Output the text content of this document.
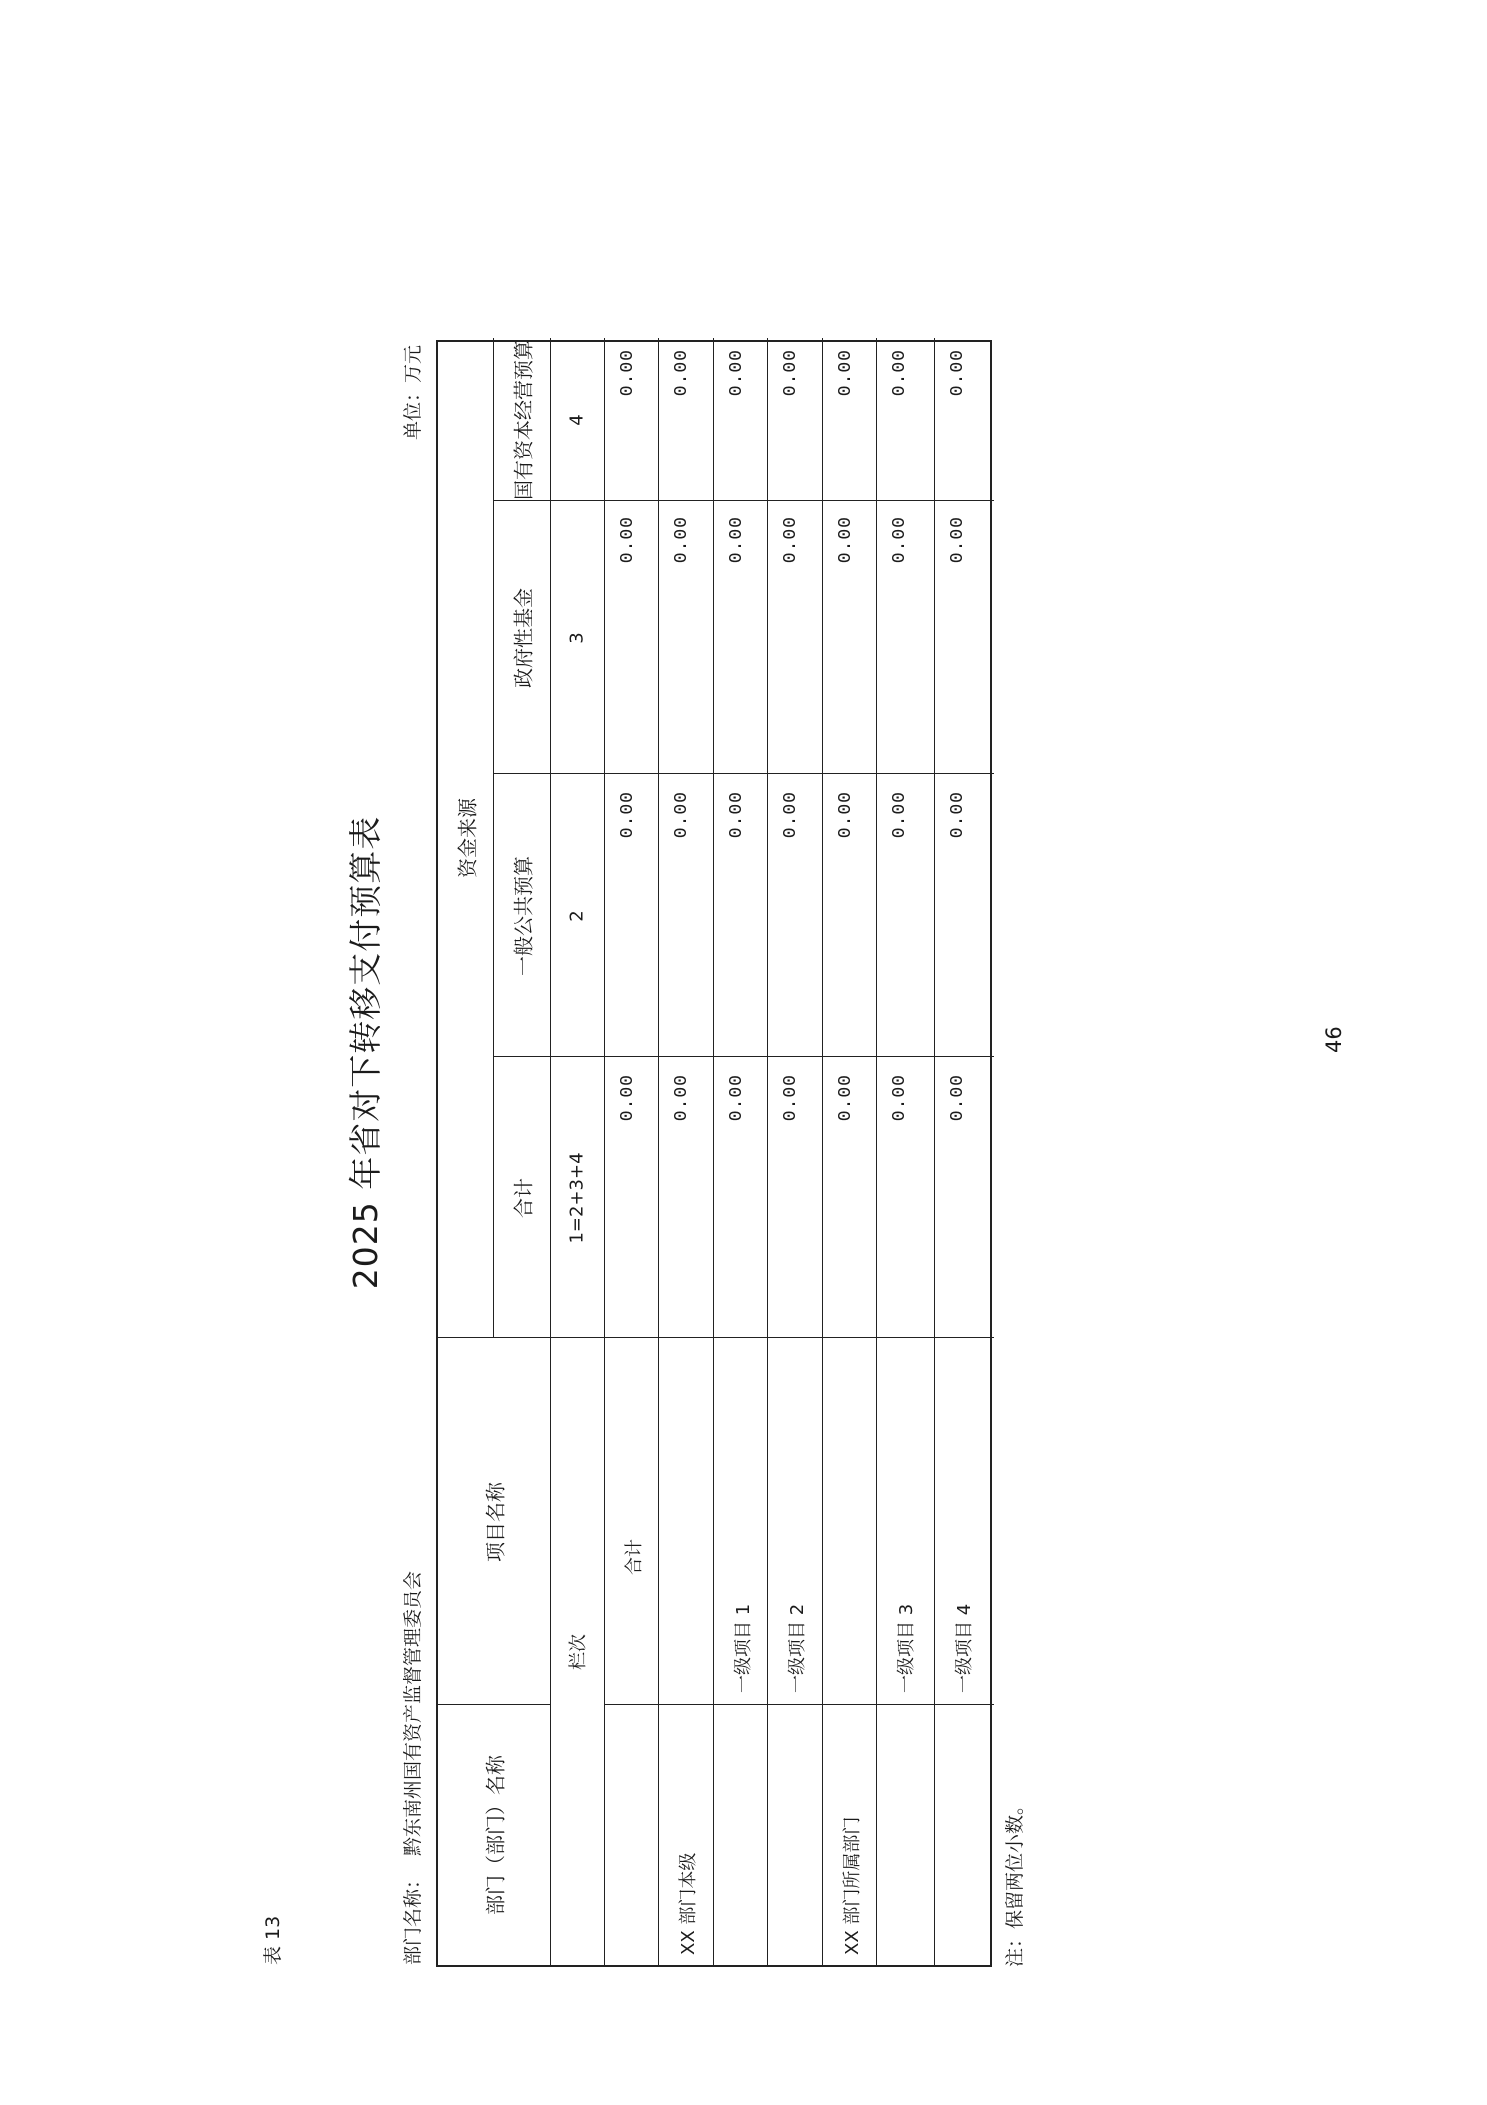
表 13
2025 年省对下转移支付预算表
部门名称：黔东南州国有资产监督管理委员会
单位：万元
部门（部门）名称
项目名称
资金来源
合计
一般公共预算
政府性基金
国有资本经营预算
栏次
1=2+3+4
2
3
4
合计
0.00
0.00
0.00
0.00
XX 部门本级
0.00
0.00
0.00
0.00
一级项目 1
0.00
0.00
0.00
0.00
一级项目 2
0.00
0.00
0.00
0.00
XX 部门所属部门
0.00
0.00
0.00
0.00
一级项目 3
0.00
0.00
0.00
0.00
一级项目 4
0.00
0.00
0.00
0.00
注：保留两位小数。
46
